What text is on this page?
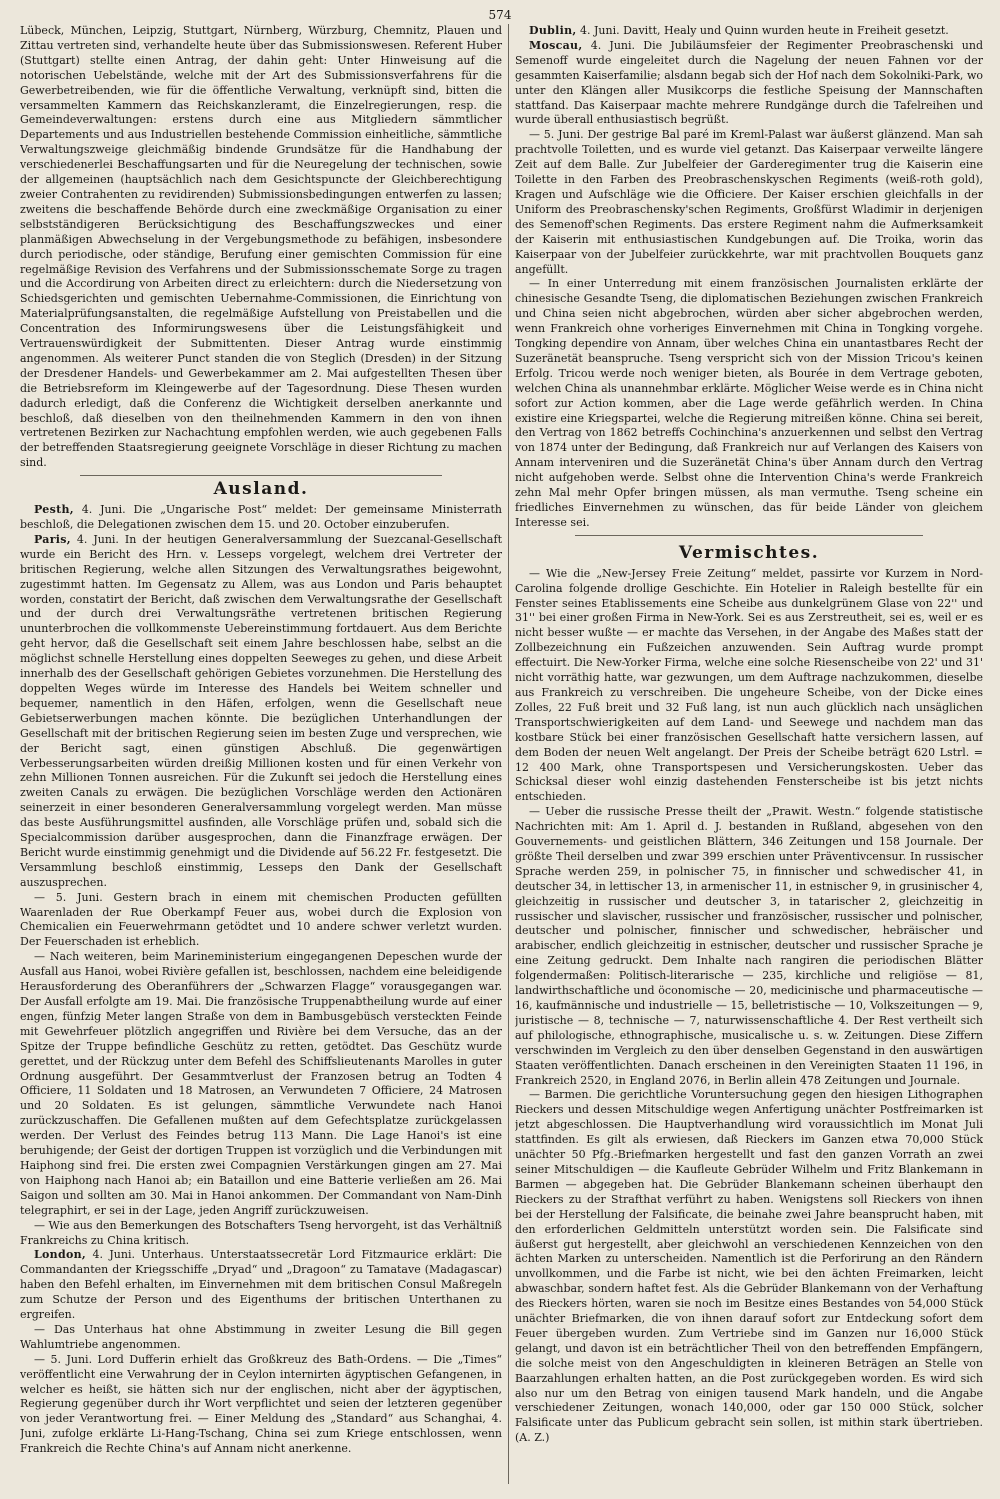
574

Lübeck, München, Leipzig, Stuttgart, Nürnberg, Würzburg, Chemnitz, Plauen und Zittau vertreten sind, verhandelte heute über das Submissionswesen. Referent Huber (Stuttgart) stellte einen Antrag, der dahin geht: Unter Hinweisung auf die notorischen Uebelstände, welche mit der Art des Submissionsverfahrens für die Gewerbetreibenden, wie für die öffentliche Verwaltung, verknüpft sind, bitten die versammelten Kammern das Reichskanzleramt, die Einzelregierungen, resp. die Gemeindeverwaltungen: erstens durch eine aus Mitgliedern sämmtlicher Departements und aus Industriellen bestehende Commission einheitliche, sämmtliche Verwaltungszweige gleichmäßig bindende Grundsätze für die Handhabung der verschiedenerlei Beschaffungsarten und für die Neuregelung der technischen, sowie der allgemeinen (hauptsächlich nach dem Gesichtspuncte der Gleichberechtigung zweier Contrahenten zu revidirenden) Submissionsbedingungen entwerfen zu lassen; zweitens die beschaffende Behörde durch eine zweckmäßige Organisation zu einer selbstständigeren Berücksichtigung des Beschaffungszweckes und einer planmäßigen Abwechselung in der Vergebungsmethode zu befähigen, insbesondere durch periodische, oder ständige, Berufung einer gemischten Commission für eine regelmäßige Revision des Verfahrens und der Submissionsschemate Sorge zu tragen und die Accordirung von Arbeiten direct zu erleichtern: durch die Niedersetzung von Schiedsgerichten und gemischten Uebernahme-Commissionen, die Einrichtung von Materialprüfungsanstalten, die regelmäßige Aufstellung von Preistabellen und die Concentration des Informirungswesens über die Leistungsfähigkeit und Vertrauenswürdigkeit der Submittenten. Dieser Antrag wurde einstimmig angenommen. Als weiterer Punct standen die von Steglich (Dresden) in der Sitzung der Dresdener Handels- und Gewerbekammer am 2. Mai aufgestellten Thesen über die Betriebsreform im Kleingewerbe auf der Tagesordnung. Diese Thesen wurden dadurch erledigt, daß die Conferenz die Wichtigkeit derselben anerkannte und beschloß, daß dieselben von den theilnehmenden Kammern in den von ihnen vertretenen Bezirken zur Nachachtung empfohlen werden, wie auch gegebenen Falls der betreffenden Staatsregierung geeignete Vorschläge in dieser Richtung zu machen sind.

Ausland.

Pesth, 4. Juni. Die „Ungarische Post“ meldet: Der gemeinsame Ministerrath beschloß, die Delegationen zwischen dem 15. und 20. October einzuberufen.

Paris, 4. Juni. In der heutigen Generalversammlung der Suezcanal-Gesellschaft wurde ein Bericht des Hrn. v. Lesseps vorgelegt, welchem drei Vertreter der britischen Regierung, welche allen Sitzungen des Verwaltungsrathes beigewohnt, zugestimmt hatten. Im Gegensatz zu Allem, was aus London und Paris behauptet worden, constatirt der Bericht, daß zwischen dem Verwaltungsrathe der Gesellschaft und der durch drei Verwaltungsräthe vertretenen britischen Regierung ununterbrochen die vollkommenste Uebereinstimmung fortdauert. Aus dem Berichte geht hervor, daß die Gesellschaft seit einem Jahre beschlossen habe, selbst an die möglichst schnelle Herstellung eines doppelten Seeweges zu gehen, und diese Arbeit innerhalb des der Gesellschaft gehörigen Gebietes vorzunehmen. Die Herstellung des doppelten Weges würde im Interesse des Handels bei Weitem schneller und bequemer, namentlich in den Häfen, erfolgen, wenn die Gesellschaft neue Gebietserwerbungen machen könnte. Die bezüglichen Unterhandlungen der Gesellschaft mit der britischen Regierung seien im besten Zuge und versprechen, wie der Bericht sagt, einen günstigen Abschluß. Die gegenwärtigen Verbesserungsarbeiten würden dreißig Millionen kosten und für einen Verkehr von zehn Millionen Tonnen ausreichen. Für die Zukunft sei jedoch die Herstellung eines zweiten Canals zu erwägen. Die bezüglichen Vorschläge werden den Actionären seinerzeit in einer besonderen Generalversammlung vorgelegt werden. Man müsse das beste Ausführungsmittel ausfinden, alle Vorschläge prüfen und, sobald sich die Specialcommission darüber ausgesprochen, dann die Finanzfrage erwägen. Der Bericht wurde einstimmig genehmigt und die Dividende auf 56.22 Fr. festgesetzt. Die Versammlung beschloß einstimmig, Lesseps den Dank der Gesellschaft auszusprechen.

— 5. Juni. Gestern brach in einem mit chemischen Producten gefüllten Waarenladen der Rue Oberkampf Feuer aus, wobei durch die Explosion von Chemicalien ein Feuerwehrmann getödtet und 10 andere schwer verletzt wurden. Der Feuerschaden ist erheblich.

— Nach weiteren, beim Marineministerium eingegangenen Depeschen wurde der Ausfall aus Hanoi, wobei Rivière gefallen ist, beschlossen, nachdem eine beleidigende Herausforderung des Oberanführers der „Schwarzen Flagge“ vorausgegangen war. Der Ausfall erfolgte am 19. Mai. Die französische Truppenabtheilung wurde auf einer engen, fünfzig Meter langen Straße von dem in Bambusgebüsch versteckten Feinde mit Gewehrfeuer plötzlich angegriffen und Rivière bei dem Versuche, das an der Spitze der Truppe befindliche Geschütz zu retten, getödtet. Das Geschütz wurde gerettet, und der Rückzug unter dem Befehl des Schiffslieutenants Marolles in guter Ordnung ausgeführt. Der Gesammtverlust der Franzosen betrug an Todten 4 Officiere, 11 Soldaten und 18 Matrosen, an Verwundeten 7 Officiere, 24 Matrosen und 20 Soldaten. Es ist gelungen, sämmtliche Verwundete nach Hanoi zurückzuschaffen. Die Gefallenen mußten auf dem Gefechtsplatze zurückgelassen werden. Der Verlust des Feindes betrug 113 Mann. Die Lage Hanoi's ist eine beruhigende; der Geist der dortigen Truppen ist vorzüglich und die Verbindungen mit Haiphong sind frei. Die ersten zwei Compagnien Verstärkungen gingen am 27. Mai von Haiphong nach Hanoi ab; ein Bataillon und eine Batterie verließen am 26. Mai Saigon und sollten am 30. Mai in Hanoi ankommen. Der Commandant von Nam-Dinh telegraphirt, er sei in der Lage, jeden Angriff zurückzuweisen.

— Wie aus den Bemerkungen des Botschafters Tseng hervorgeht, ist das Verhältniß Frankreichs zu China kritisch.

London, 4. Juni. Unterhaus. Unterstaatssecretär Lord Fitzmaurice erklärt: Die Commandanten der Kriegsschiffe „Dryad“ und „Dragoon“ zu Tamatave (Madagascar) haben den Befehl erhalten, im Einvernehmen mit dem britischen Consul Maßregeln zum Schutze der Person und des Eigenthums der britischen Unterthanen zu ergreifen.

— Das Unterhaus hat ohne Abstimmung in zweiter Lesung die Bill gegen Wahlumtriebe angenommen.

— 5. Juni. Lord Dufferin erhielt das Großkreuz des Bath-Ordens. — Die „Times“ veröffentlicht eine Verwahrung der in Ceylon internirten ägyptischen Gefangenen, in welcher es heißt, sie hätten sich nur der englischen, nicht aber der ägyptischen, Regierung gegenüber durch ihr Wort verpflichtet und seien der letzteren gegenüber von jeder Verantwortung frei. — Einer Meldung des „Standard“ aus Schanghai, 4. Juni, zufolge erklärte Li-Hang-Tschang, China sei zum Kriege entschlossen, wenn Frankreich die Rechte China's auf Annam nicht anerkenne.

Dublin, 4. Juni. Davitt, Healy und Quinn wurden heute in Freiheit gesetzt.

Moscau, 4. Juni. Die Jubiläumsfeier der Regimenter Preobraschenski und Semenoff wurde eingeleitet durch die Nagelung der neuen Fahnen vor der gesammten Kaiserfamilie; alsdann begab sich der Hof nach dem Sokolniki-Park, wo unter den Klängen aller Musikcorps die festliche Speisung der Mannschaften stattfand. Das Kaiserpaar machte mehrere Rundgänge durch die Tafelreihen und wurde überall enthusiastisch begrüßt.

— 5. Juni. Der gestrige Bal paré im Kreml-Palast war äußerst glänzend. Man sah prachtvolle Toiletten, und es wurde viel getanzt. Das Kaiserpaar verweilte längere Zeit auf dem Balle. Zur Jubelfeier der Garderegimenter trug die Kaiserin eine Toilette in den Farben des Preobraschenskyschen Regiments (weiß-roth gold), Kragen und Aufschläge wie die Officiere. Der Kaiser erschien gleichfalls in der Uniform des Preobraschensky'schen Regiments, Großfürst Wladimir in derjenigen des Semenoff'schen Regiments. Das erstere Regiment nahm die Aufmerksamkeit der Kaiserin mit enthusiastischen Kundgebungen auf. Die Troika, worin das Kaiserpaar von der Jubelfeier zurückkehrte, war mit prachtvollen Bouquets ganz angefüllt.

— In einer Unterredung mit einem französischen Journalisten erklärte der chinesische Gesandte Tseng, die diplomatischen Beziehungen zwischen Frankreich und China seien nicht abgebrochen, würden aber sicher abgebrochen werden, wenn Frankreich ohne vorheriges Einvernehmen mit China in Tongking vorgehe. Tongking dependire von Annam, über welches China ein unantastbares Recht der Suzeränetät beanspruche. Tseng verspricht sich von der Mission Tricou's keinen Erfolg. Tricou werde noch weniger bieten, als Bourée in dem Vertrage geboten, welchen China als unannehmbar erklärte. Möglicher Weise werde es in China nicht sofort zur Action kommen, aber die Lage werde gefährlich werden. In China existire eine Kriegspartei, welche die Regierung mitreißen könne. China sei bereit, den Vertrag von 1862 betreffs Cochinchina's anzuerkennen und selbst den Vertrag von 1874 unter der Bedingung, daß Frankreich nur auf Verlangen des Kaisers von Annam interveniren und die Suzeränetät China's über Annam durch den Vertrag nicht aufgehoben werde. Selbst ohne die Intervention China's werde Frankreich zehn Mal mehr Opfer bringen müssen, als man vermuthe. Tseng scheine ein friedliches Einvernehmen zu wünschen, das für beide Länder von gleichem Interesse sei.

Vermischtes.

— Wie die „New-Jersey Freie Zeitung“ meldet, passirte vor Kurzem in Nord-Carolina folgende drollige Geschichte. Ein Hotelier in Raleigh bestellte für ein Fenster seines Etablissements eine Scheibe aus dunkelgrünem Glase von 22'' und 31'' bei einer großen Firma in New-York. Sei es aus Zerstreutheit, sei es, weil er es nicht besser wußte — er machte das Versehen, in der Angabe des Maßes statt der Zollbezeichnung ein Fußzeichen anzuwenden. Sein Auftrag wurde prompt effectuirt. Die New-Yorker Firma, welche eine solche Riesenscheibe von 22' und 31' nicht vorräthig hatte, war gezwungen, um dem Auftrage nachzukommen, dieselbe aus Frankreich zu verschreiben. Die ungeheure Scheibe, von der Dicke eines Zolles, 22 Fuß breit und 32 Fuß lang, ist nun auch glücklich nach unsäglichen Transportschwierigkeiten auf dem Land- und Seewege und nachdem man das kostbare Stück bei einer französischen Gesellschaft hatte versichern lassen, auf dem Boden der neuen Welt angelangt. Der Preis der Scheibe beträgt 620 Lstrl. = 12 400 Mark, ohne Transportspesen und Versicherungskosten. Ueber das Schicksal dieser wohl einzig dastehenden Fensterscheibe ist bis jetzt nichts entschieden.

— Ueber die russische Presse theilt der „Prawit. Westn.“ folgende statistische Nachrichten mit: Am 1. April d. J. bestanden in Rußland, abgesehen von den Gouvernements- und geistlichen Blättern, 346 Zeitungen und 158 Journale. Der größte Theil derselben und zwar 399 erschien unter Präventivcensur. In russischer Sprache werden 259, in polnischer 75, in finnischer und schwedischer 41, in deutscher 34, in lettischer 13, in armenischer 11, in estnischer 9, in grusinischer 4, gleichzeitig in russischer und deutscher 3, in tatarischer 2, gleichzeitig in russischer und slavischer, russischer und französischer, russischer und polnischer, deutscher und polnischer, finnischer und schwedischer, hebräischer und arabischer, endlich gleichzeitig in estnischer, deutscher und russischer Sprache je eine Zeitung gedruckt. Dem Inhalte nach rangiren die periodischen Blätter folgendermaßen: Politisch-literarische — 235, kirchliche und religiöse — 81, landwirthschaftliche und öconomische — 20, medicinische und pharmaceutische — 16, kaufmännische und industrielle — 15, belletristische — 10, Volkszeitungen — 9, juristische — 8, technische — 7, naturwissenschaftliche 4. Der Rest vertheilt sich auf philologische, ethnographische, musicalische u. s. w. Zeitungen. Diese Ziffern verschwinden im Vergleich zu den über denselben Gegenstand in den auswärtigen Staaten veröffentlichten. Danach erscheinen in den Vereinigten Staaten 11 196, in Frankreich 2520, in England 2076, in Berlin allein 478 Zeitungen und Journale.

— Barmen. Die gerichtliche Voruntersuchung gegen den hiesigen Lithographen Rieckers und dessen Mitschuldige wegen Anfertigung unächter Postfreimarken ist jetzt abgeschlossen. Die Hauptverhandlung wird voraussichtlich im Monat Juli stattfinden. Es gilt als erwiesen, daß Rieckers im Ganzen etwa 70,000 Stück unächter 50 Pfg.-Briefmarken hergestellt und fast den ganzen Vorrath an zwei seiner Mitschuldigen — die Kaufleute Gebrüder Wilhelm und Fritz Blankemann in Barmen — abgegeben hat. Die Gebrüder Blankemann scheinen überhaupt den Rieckers zu der Strafthat verführt zu haben. Wenigstens soll Rieckers von ihnen bei der Herstellung der Falsificate, die beinahe zwei Jahre beansprucht haben, mit den erforderlichen Geldmitteln unterstützt worden sein. Die Falsificate sind äußerst gut hergestellt, aber gleichwohl an verschiedenen Kennzeichen von den ächten Marken zu unterscheiden. Namentlich ist die Perforirung an den Rändern unvollkommen, und die Farbe ist nicht, wie bei den ächten Freimarken, leicht abwaschbar, sondern haftet fest. Als die Gebrüder Blankemann von der Verhaftung des Rieckers hörten, waren sie noch im Besitze eines Bestandes von 54,000 Stück unächter Briefmarken, die von ihnen darauf sofort zur Entdeckung sofort dem Feuer übergeben wurden. Zum Vertriebe sind im Ganzen nur 16,000 Stück gelangt, und davon ist ein beträchtlicher Theil von den betreffenden Empfängern, die solche meist von den Angeschuldigten in kleineren Beträgen an Stelle von Baarzahlungen erhalten hatten, an die Post zurückgegeben worden. Es wird sich also nur um den Betrag von einigen tausend Mark handeln, und die Angabe verschiedener Zeitungen, wonach 140,000, oder gar 150 000 Stück, solcher Falsificate unter das Publicum gebracht sein sollen, ist mithin stark übertrieben. (A. Z.)
